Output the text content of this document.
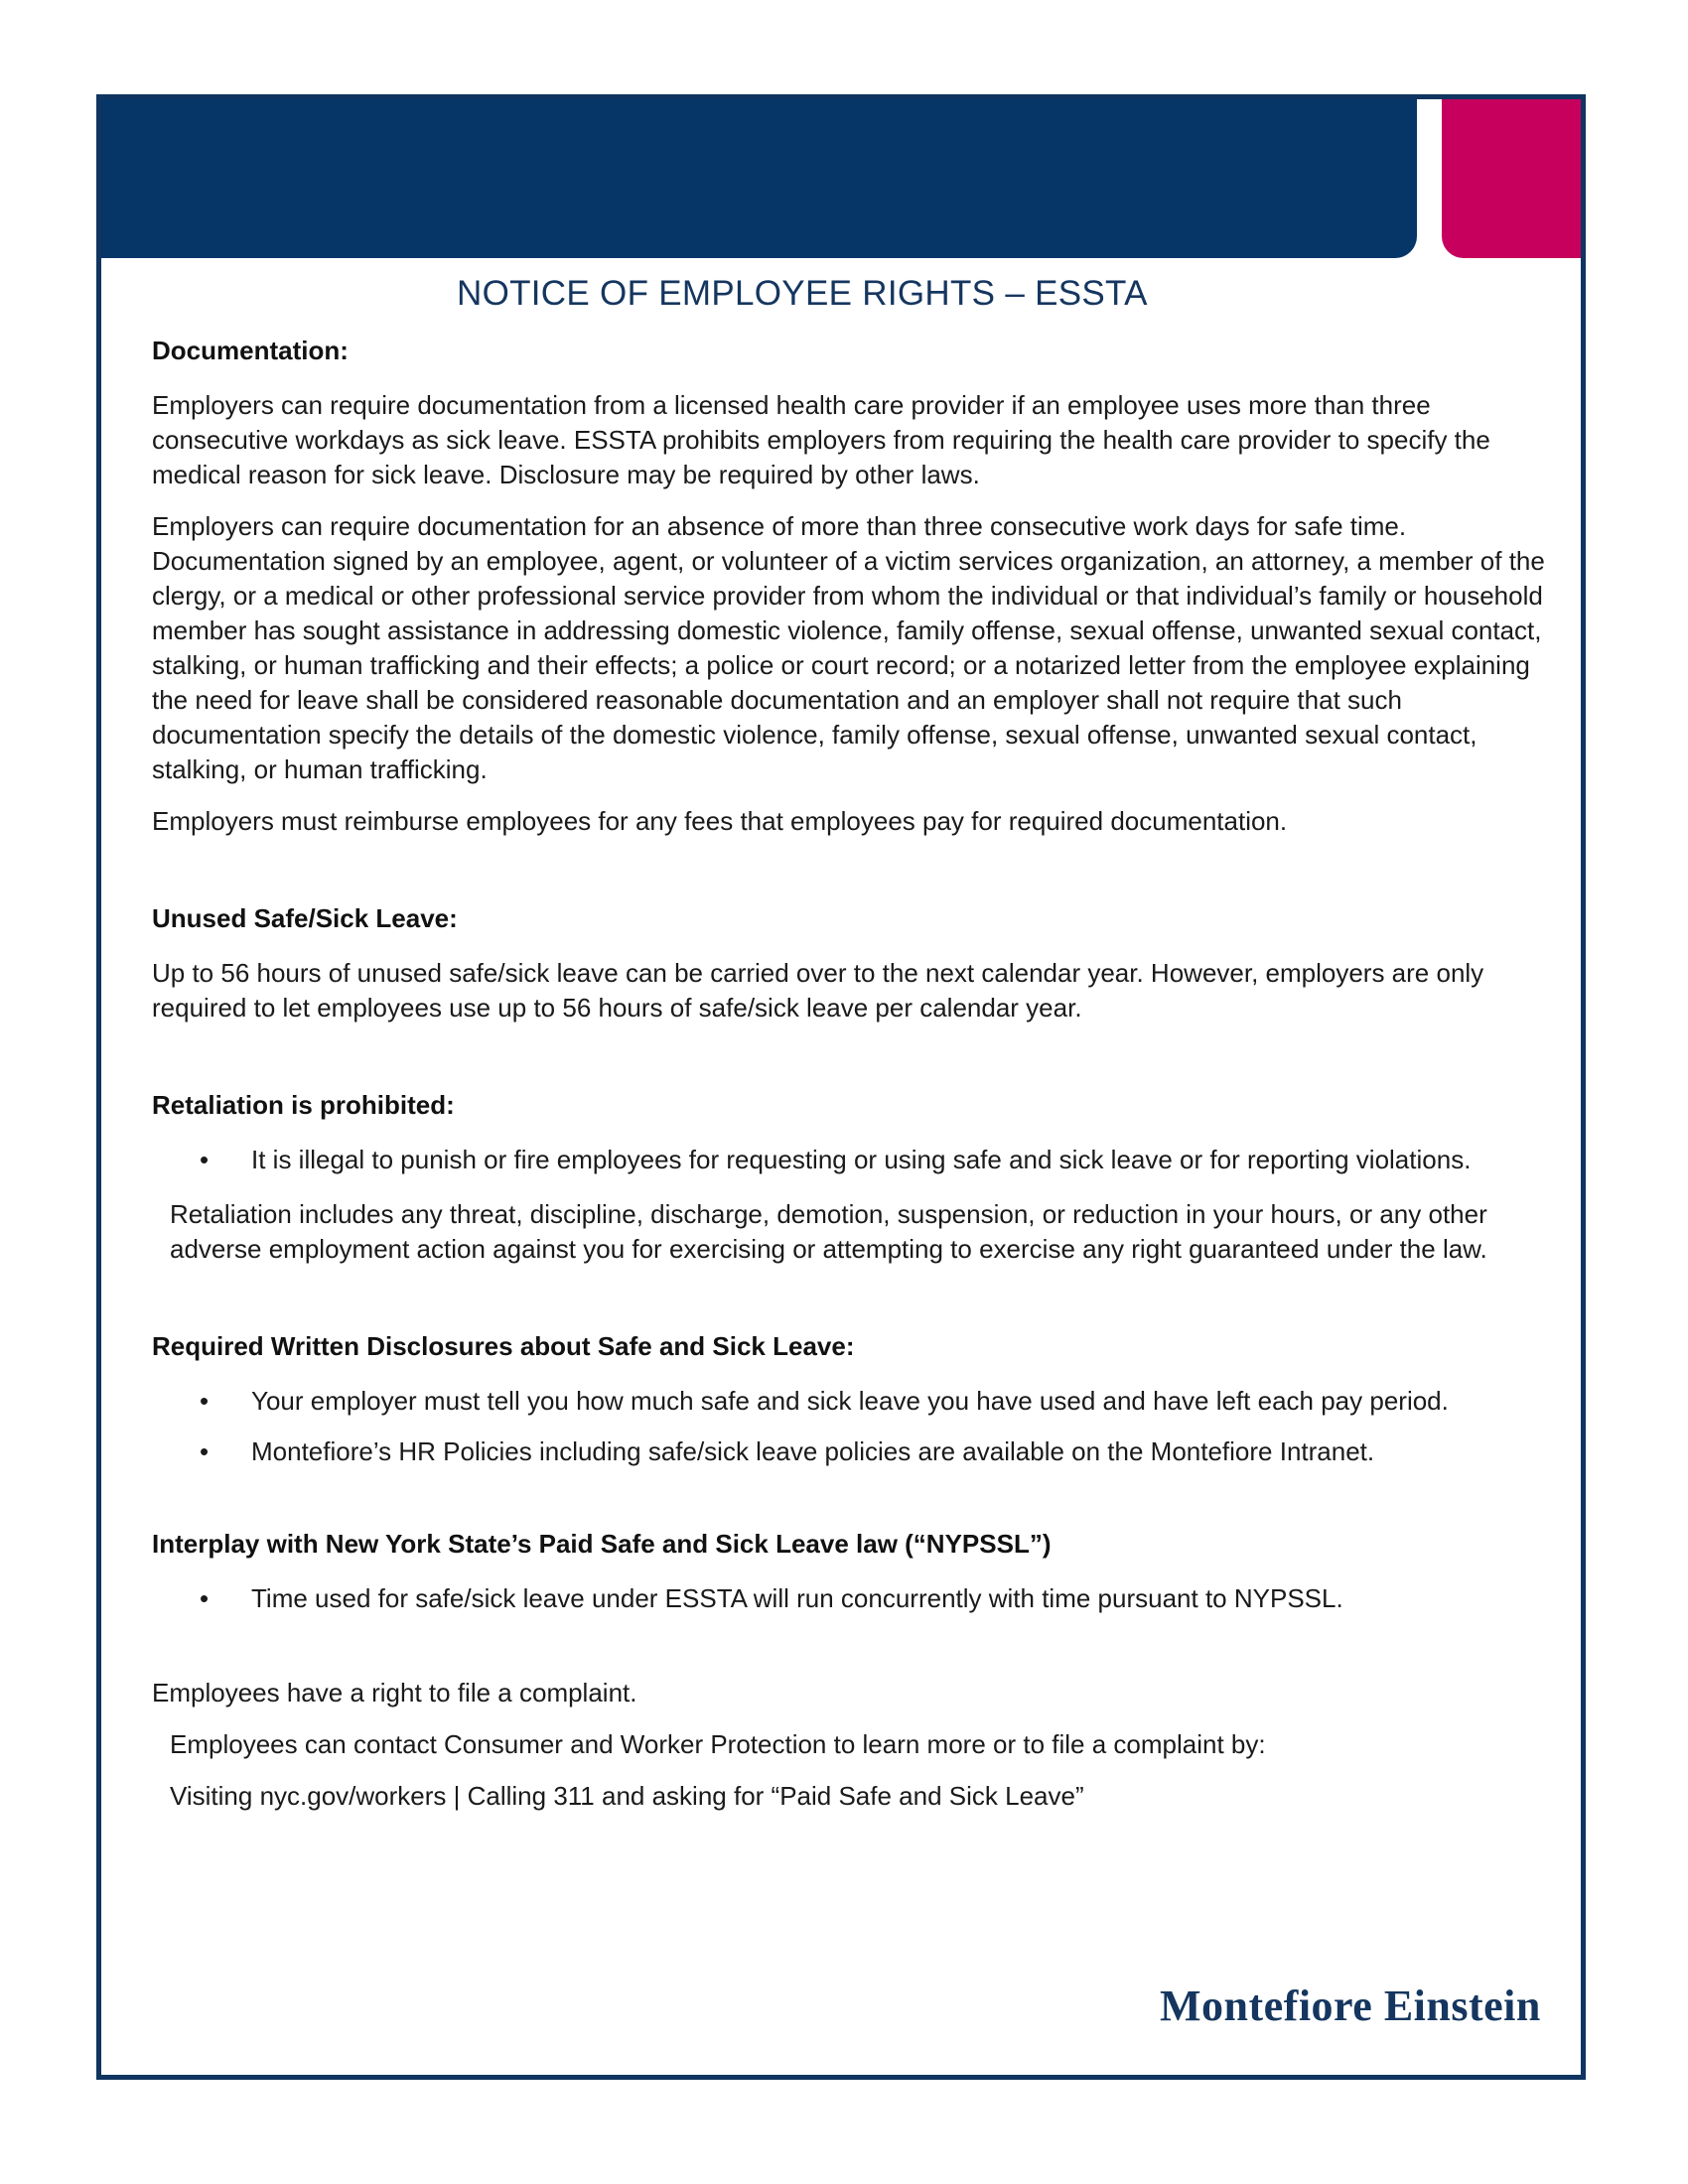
NOTICE OF EMPLOYEE RIGHTS – ESSTA
Documentation:

Employers can require documentation from a licensed health care provider if an employee uses more than three consecutive workdays as sick leave. ESSTA prohibits employers from requiring the health care provider to specify the medical reason for sick leave. Disclosure may be required by other laws.

Employers can require documentation for an absence of more than three consecutive work days for safe time. Documentation signed by an employee, agent, or volunteer of a victim services organization, an attorney, a member of the clergy, or a medical or other professional service provider from whom the individual or that individual’s family or household member has sought assistance in addressing domestic violence, family offense, sexual offense, unwanted sexual contact, stalking, or human trafficking and their effects; a police or court record; or a notarized letter from the employee explaining the need for leave shall be considered reasonable documentation and an employer shall not require that such documentation specify the details of the domestic violence, family offense, sexual offense, unwanted sexual contact, stalking, or human trafficking.

Employers must reimburse employees for any fees that employees pay for required documentation.

Unused Safe/Sick Leave:

Up to 56 hours of unused safe/sick leave can be carried over to the next calendar year. However, employers are only required to let employees use up to 56 hours of safe/sick leave per calendar year.

Retaliation is prohibited:
• It is illegal to punish or fire employees for requesting or using safe and sick leave or for reporting violations.

Retaliation includes any threat, discipline, discharge, demotion, suspension, or reduction in your hours, or any other adverse employment action against you for exercising or attempting to exercise any right guaranteed under the law.

Required Written Disclosures about Safe and Sick Leave:
• Your employer must tell you how much safe and sick leave you have used and have left each pay period.
• Montefiore’s HR Policies including safe/sick leave policies are available on the Montefiore Intranet.
Interplay with New York State’s Paid Safe and Sick Leave law (“NYPSSL”)
• Time used for safe/sick leave under ESSTA will run concurrently with time pursuant to NYPSSL.

Employees have a right to file a complaint.

Employees can contact Consumer and Worker Protection to learn more or to file a complaint by:

Visiting nyc.gov/workers | Calling 311 and asking for “Paid Safe and Sick Leave”

Montefiore Einstein
